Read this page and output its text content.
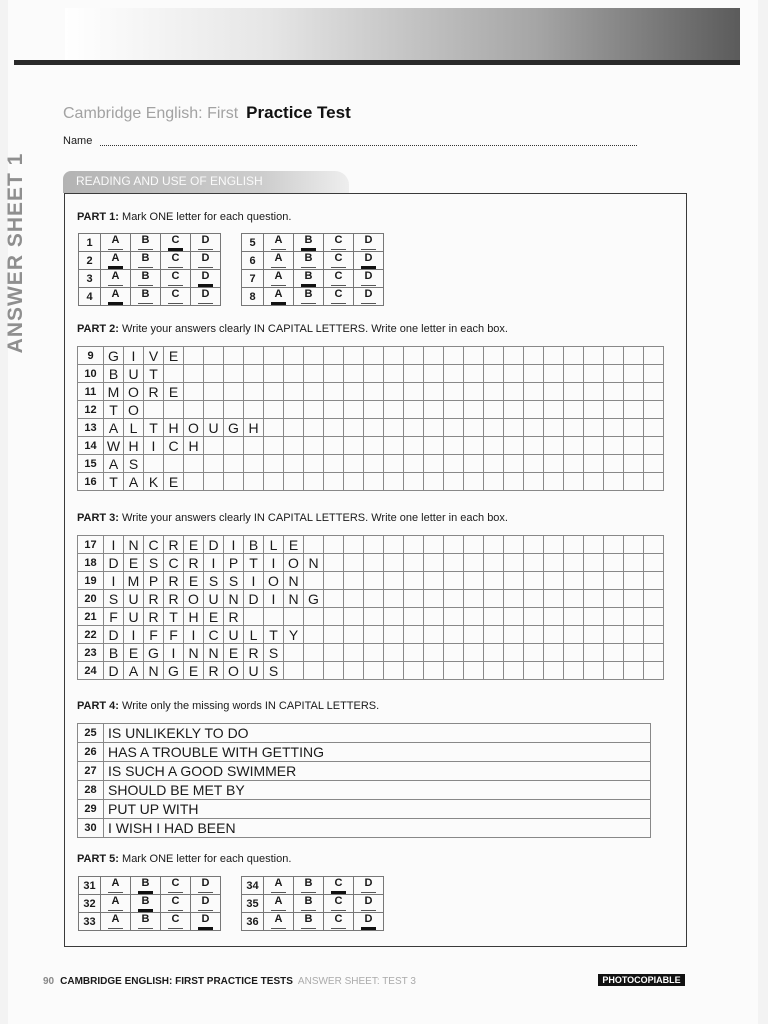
ANSWER SHEET 1
Cambridge English: First Practice Test
Name
READING AND USE OF ENGLISH
PART 1: Mark ONE letter for each question.
1	A	B	C	D
2	A	B	C	D
3	A	B	C	D
4	A	B	C	D
5	A	B	C	D
6	A	B	C	D
7	A	B	C	D
8	A	B	C	D
PART 2: Write your answers clearly IN CAPITAL LETTERS. Write one letter in each box.
9	G	I	V	E																								
10	B	U	T																									
11	M	O	R	E																								
12	T	O																										
13	A	L	T	H	O	U	G	H																				
14	W	H	I	C	H																							
15	A	S																										
16	T	A	K	E																								
PART 3: Write your answers clearly IN CAPITAL LETTERS. Write one letter in each box.
17	I	N	C	R	E	D	I	B	L	E																		
18	D	E	S	C	R	I	P	T	I	O	N																	
19	I	M	P	R	E	S	S	I	O	N																		
20	S	U	R	R	O	U	N	D	I	N	G																	
21	F	U	R	T	H	E	R																					
22	D	I	F	F	I	C	U	L	T	Y																		
23	B	E	G	I	N	N	E	R	S																			
24	D	A	N	G	E	R	O	U	S																			
PART 4: Write only the missing words IN CAPITAL LETTERS.
25	IS UNLIKEKLY TO DO
26	HAS A TROUBLE WITH GETTING
27	IS SUCH A GOOD SWIMMER
28	SHOULD BE MET BY
29	PUT UP WITH
30	I WISH I HAD BEEN
PART 5: Mark ONE letter for each question.
31	A	B	C	D
32	A	B	C	D
33	A	B	C	D
34	A	B	C	D
35	A	B	C	D
36	A	B	C	D
90 CAMBRIDGE ENGLISH: FIRST PRACTICE TESTS ANSWER SHEET: TEST 3	PHOTOCOPIABLE
